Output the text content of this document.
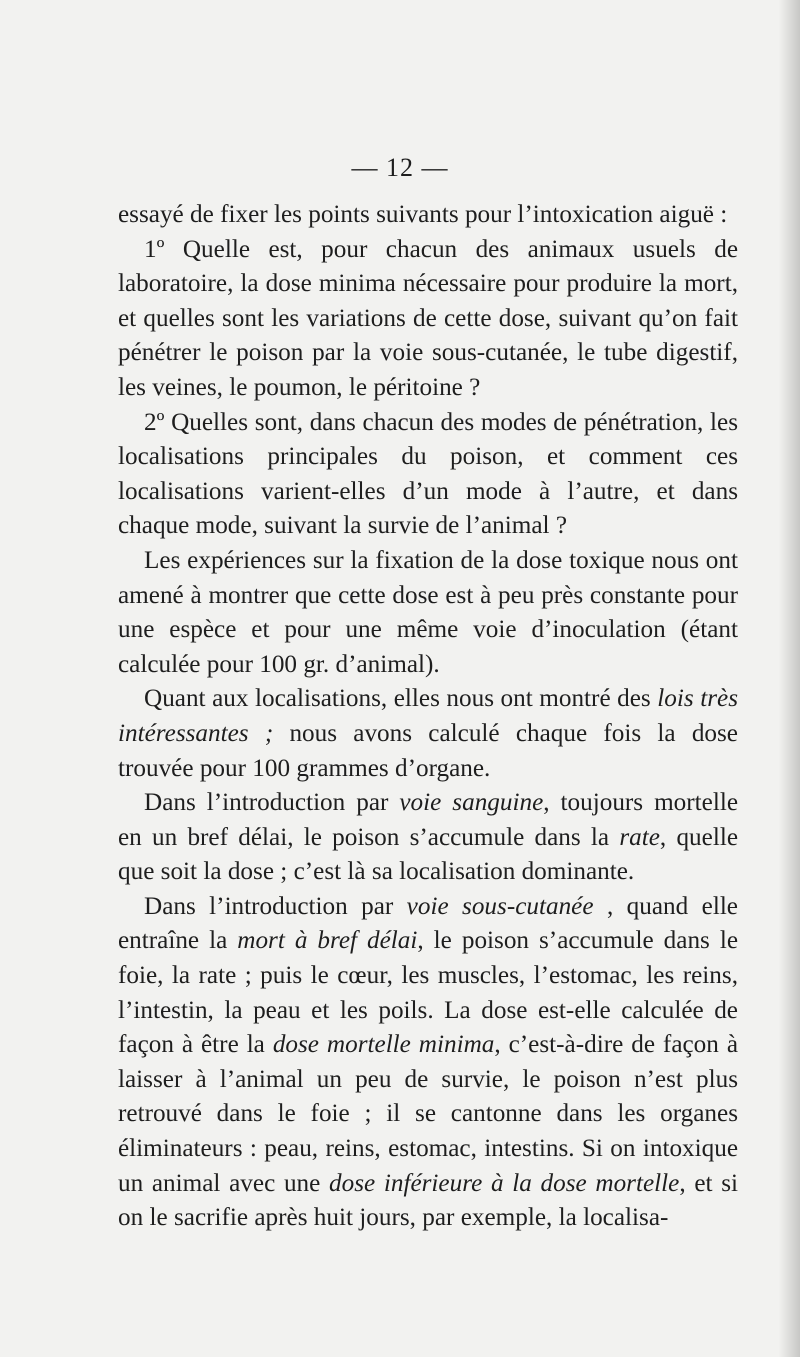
— 12 —

essayé de fixer les points suivants pour l’intoxication aiguë :

1º Quelle est, pour chacun des animaux usuels de laboratoire, la dose minima nécessaire pour produire la mort, et quelles sont les variations de cette dose, suivant qu’on fait pénétrer le poison par la voie sous-cutanée, le tube digestif, les veines, le poumon, le péritoine ?

2º Quelles sont, dans chacun des modes de pénétration, les localisations principales du poison, et comment ces localisations varient-elles d’un mode à l’autre, et dans chaque mode, suivant la survie de l’animal ?

Les expériences sur la fixation de la dose toxique nous ont amené à montrer que cette dose est à peu près constante pour une espèce et pour une même voie d’inoculation (étant calculée pour 100 gr. d’animal).

Quant aux localisations, elles nous ont montré des lois très intéressantes ; nous avons calculé chaque fois la dose trouvée pour 100 grammes d’organe.

Dans l’introduction par voie sanguine, toujours mortelle en un bref délai, le poison s’accumule dans la rate, quelle que soit la dose ; c’est là sa localisation dominante.

Dans l’introduction par voie sous-cutanée , quand elle entraîne la mort à bref délai, le poison s’accumule dans le foie, la rate ; puis le cœur, les muscles, l’estomac, les reins, l’intestin, la peau et les poils. La dose est-elle calculée de façon à être la dose mortelle minima, c’est-à-dire de façon à laisser à l’animal un peu de survie, le poison n’est plus retrouvé dans le foie ; il se cantonne dans les organes éliminateurs : peau, reins, estomac, intestins. Si on intoxique un animal avec une dose inférieure à la dose mortelle, et si on le sacrifie après huit jours, par exemple, la localisa-
